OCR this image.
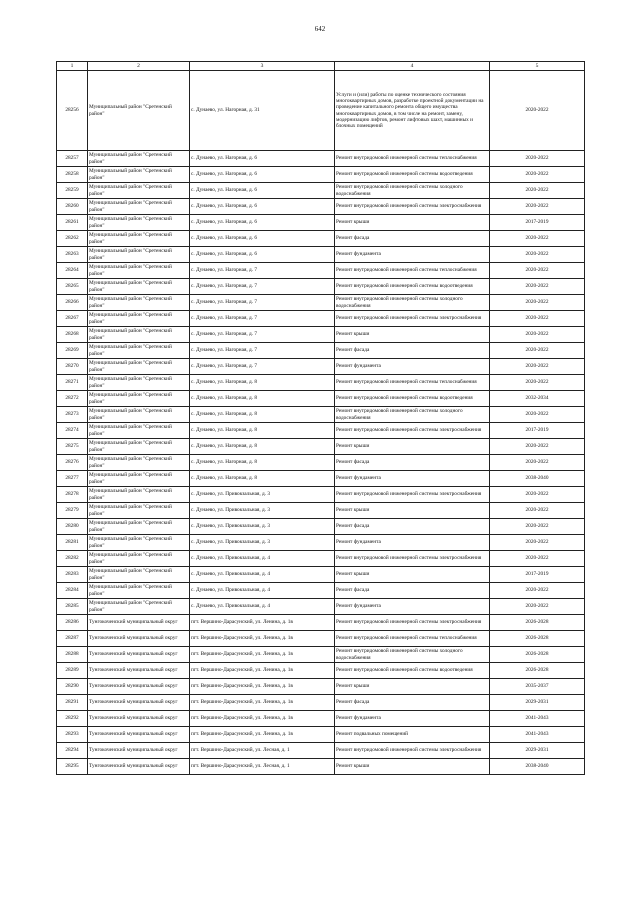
642
1	2	3	4	5
28256	Муниципальный район "Сретенский район"	с. Дунаево, ул. Нагорная, д. 31	Услуги и (или) работы по оценке технического состояния многоквартирных домов, разработке проектной документации на проведение капитального ремонта общего имущества многоквартирных домов, в том числе на ремонт, замену, модернизацию лифтов, ремонт лифтовых шахт, машинных и блочных помещений	2020-2022
28257	Муниципальный район "Сретенский район"	с. Дунаево, ул. Нагорная, д. 6	Ремонт внутридомовой инженерной системы теплоснабжения	2020-2022
28258	Муниципальный район "Сретенский район"	с. Дунаево, ул. Нагорная, д. 6	Ремонт внутридомовой инженерной системы водоотведения	2020-2022
28259	Муниципальный район "Сретенский район"	с. Дунаево, ул. Нагорная, д. 6	Ремонт внутридомовой инженерной системы холодного водоснабжения	2020-2022
28260	Муниципальный район "Сретенский район"	с. Дунаево, ул. Нагорная, д. 6	Ремонт внутридомовой инженерной системы электроснабжения	2020-2022
28261	Муниципальный район "Сретенский район"	с. Дунаево, ул. Нагорная, д. 6	Ремонт крыши	2017-2019
28262	Муниципальный район "Сретенский район"	с. Дунаево, ул. Нагорная, д. 6	Ремонт фасада	2020-2022
28263	Муниципальный район "Сретенский район"	с. Дунаево, ул. Нагорная, д. 6	Ремонт фундамента	2020-2022
28264	Муниципальный район "Сретенский район"	с. Дунаево, ул. Нагорная, д. 7	Ремонт внутридомовой инженерной системы теплоснабжения	2020-2022
28265	Муниципальный район "Сретенский район"	с. Дунаево, ул. Нагорная, д. 7	Ремонт внутридомовой инженерной системы водоотведения	2020-2022
28266	Муниципальный район "Сретенский район"	с. Дунаево, ул. Нагорная, д. 7	Ремонт внутридомовой инженерной системы холодного водоснабжения	2020-2022
28267	Муниципальный район "Сретенский район"	с. Дунаево, ул. Нагорная, д. 7	Ремонт внутридомовой инженерной системы электроснабжения	2020-2022
28268	Муниципальный район "Сретенский район"	с. Дунаево, ул. Нагорная, д. 7	Ремонт крыши	2020-2022
28269	Муниципальный район "Сретенский район"	с. Дунаево, ул. Нагорная, д. 7	Ремонт фасада	2020-2022
28270	Муниципальный район "Сретенский район"	с. Дунаево, ул. Нагорная, д. 7	Ремонт фундамента	2020-2022
28271	Муниципальный район "Сретенский район"	с. Дунаево, ул. Нагорная, д. 8	Ремонт внутридомовой инженерной системы теплоснабжения	2020-2022
28272	Муниципальный район "Сретенский район"	с. Дунаево, ул. Нагорная, д. 8	Ремонт внутридомовой инженерной системы водоотведения	2032-2034
28273	Муниципальный район "Сретенский район"	с. Дунаево, ул. Нагорная, д. 8	Ремонт внутридомовой инженерной системы холодного водоснабжения	2020-2022
28274	Муниципальный район "Сретенский район"	с. Дунаево, ул. Нагорная, д. 8	Ремонт внутридомовой инженерной системы электроснабжения	2017-2019
28275	Муниципальный район "Сретенский район"	с. Дунаево, ул. Нагорная, д. 8	Ремонт крыши	2020-2022
28276	Муниципальный район "Сретенский район"	с. Дунаево, ул. Нагорная, д. 8	Ремонт фасада	2020-2022
28277	Муниципальный район "Сретенский район"	с. Дунаево, ул. Нагорная, д. 8	Ремонт фундамента	2038-2040
28278	Муниципальный район "Сретенский район"	с. Дунаево, ул. Привокзальная, д. 3	Ремонт внутридомовой инженерной системы электроснабжения	2020-2022
28279	Муниципальный район "Сретенский район"	с. Дунаево, ул. Привокзальная, д. 3	Ремонт крыши	2020-2022
28280	Муниципальный район "Сретенский район"	с. Дунаево, ул. Привокзальная, д. 3	Ремонт фасада	2020-2022
28281	Муниципальный район "Сретенский район"	с. Дунаево, ул. Привокзальная, д. 3	Ремонт фундамента	2020-2022
28282	Муниципальный район "Сретенский район"	с. Дунаево, ул. Привокзальная, д. 4	Ремонт внутридомовой инженерной системы электроснабжения	2020-2022
28283	Муниципальный район "Сретенский район"	с. Дунаево, ул. Привокзальная, д. 4	Ремонт крыши	2017-2019
28284	Муниципальный район "Сретенский район"	с. Дунаево, ул. Привокзальная, д. 4	Ремонт фасада	2020-2022
28285	Муниципальный район "Сретенский район"	с. Дунаево, ул. Привокзальная, д. 4	Ремонт фундамента	2020-2022
28286	Тунгокоченский муниципальный округ	пгт. Вершино-Дарасунский, ул. Ленина, д. 1в	Ремонт внутридомовой инженерной системы электроснабжения	2026-2028
28287	Тунгокоченский муниципальный округ	пгт. Вершино-Дарасунский, ул. Ленина, д. 1в	Ремонт внутридомовой инженерной системы теплоснабжения	2026-2028
28288	Тунгокоченский муниципальный округ	пгт. Вершино-Дарасунский, ул. Ленина, д. 1в	Ремонт внутридомовой инженерной системы холодного водоснабжения	2026-2028
28289	Тунгокоченский муниципальный округ	пгт. Вершино-Дарасунский, ул. Ленина, д. 1в	Ремонт внутридомовой инженерной системы водоотведения	2026-2028
28290	Тунгокоченский муниципальный округ	пгт. Вершино-Дарасунский, ул. Ленина, д. 1в	Ремонт крыши	2035-2037
28291	Тунгокоченский муниципальный округ	пгт. Вершино-Дарасунский, ул. Ленина, д. 1в	Ремонт фасада	2029-2031
28292	Тунгокоченский муниципальный округ	пгт. Вершино-Дарасунский, ул. Ленина, д. 1в	Ремонт фундамента	2041-2043
28293	Тунгокоченский муниципальный округ	пгт. Вершино-Дарасунский, ул. Ленина, д. 1в	Ремонт подвальных помещений	2041-2043
28294	Тунгокоченский муниципальный округ	пгт. Вершино-Дарасунский, ул. Лесная, д. 1	Ремонт внутридомовой инженерной системы электроснабжения	2029-2031
28295	Тунгокоченский муниципальный округ	пгт. Вершино-Дарасунский, ул. Лесная, д. 1	Ремонт крыши	2038-2040
